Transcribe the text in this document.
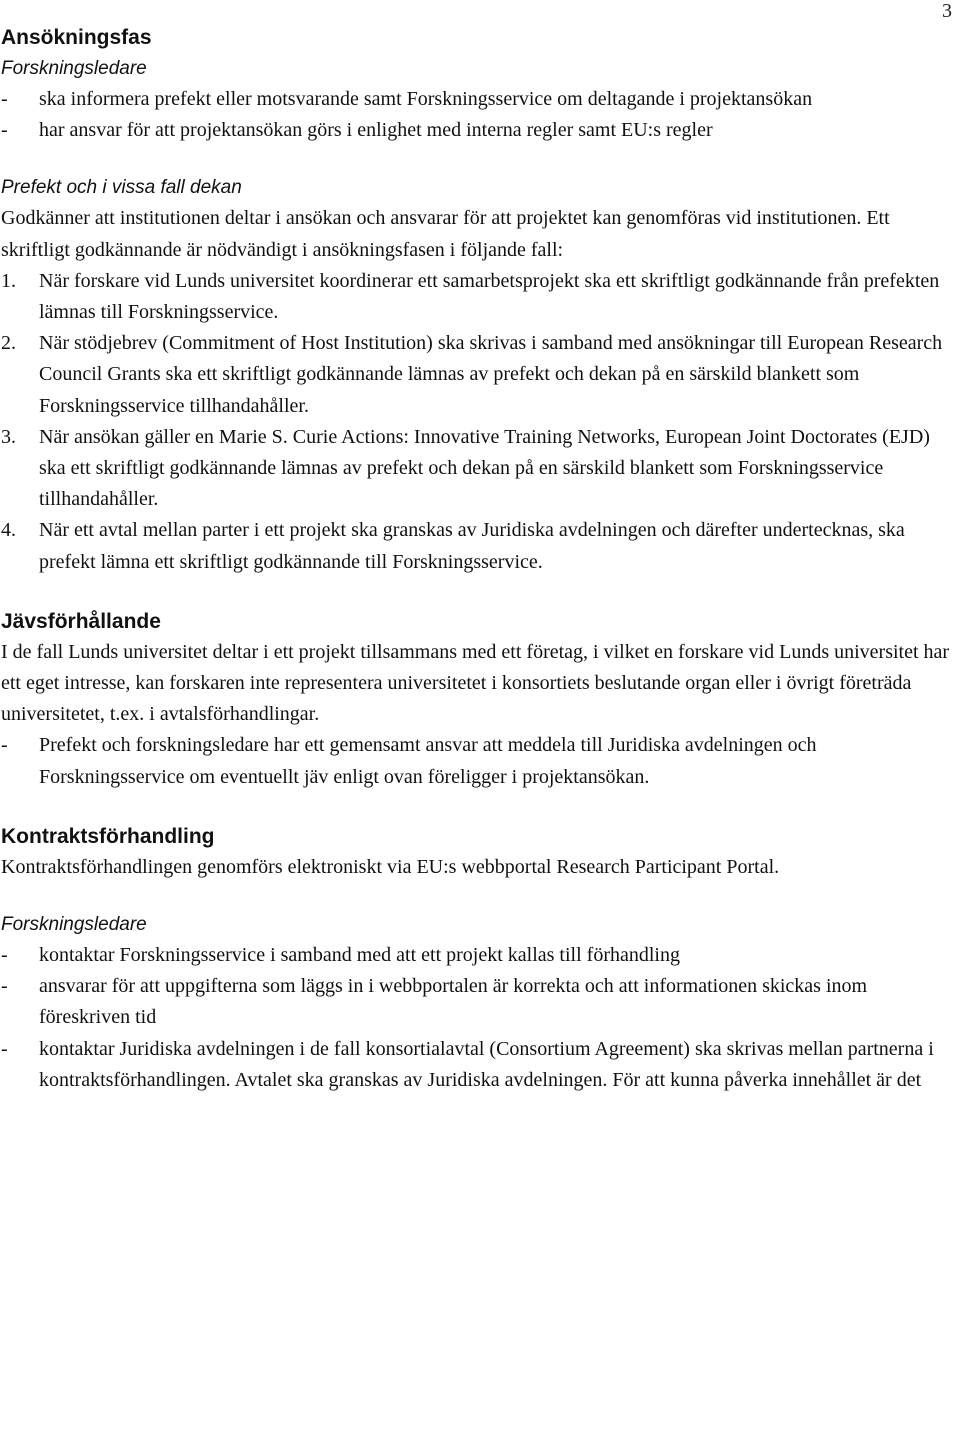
3
Ansökningsfas
Forskningsledare
-	ska informera prefekt eller motsvarande samt Forskningsservice om deltagande i projektansökan
-	har ansvar för att projektansökan görs i enlighet med interna regler samt EU:s regler
Prefekt och i vissa fall dekan

Godkänner att institutionen deltar i ansökan och ansvarar för att projektet kan genomföras vid institutionen. Ett skriftligt godkännande är nödvändigt i ansökningsfasen i följande fall:

1.	När forskare vid Lunds universitet koordinerar ett samarbetsprojekt ska ett skriftligt godkännande från prefekten lämnas till Forskningsservice.
2.	När stödjebrev (Commitment of Host Institution) ska skrivas i samband med ansökningar till European Research Council Grants ska ett skriftligt godkännande lämnas av prefekt och dekan på en särskild blankett som Forskningsservice tillhandahåller.
3.	När ansökan gäller en Marie S. Curie Actions: Innovative Training Networks, European Joint Doctorates (EJD) ska ett skriftligt godkännande lämnas av prefekt och dekan på en särskild blankett som Forskningsservice tillhandahåller.
4.	När ett avtal mellan parter i ett projekt ska granskas av Juridiska avdelningen och därefter undertecknas, ska prefekt lämna ett skriftligt godkännande till Forskningsservice.
Jävsförhållande

I de fall Lunds universitet deltar i ett projekt tillsammans med ett företag, i vilket en forskare vid Lunds universitet har ett eget intresse, kan forskaren inte representera universitetet i konsortiets beslutande organ eller i övrigt företräda universitetet, t.ex. i avtalsförhandlingar.

-	Prefekt och forskningsledare har ett gemensamt ansvar att meddela till Juridiska avdelningen och Forskningsservice om eventuellt jäv enligt ovan föreligger i projektansökan.
Kontraktsförhandling

Kontraktsförhandlingen genomförs elektroniskt via EU:s webbportal Research Participant Portal.

Forskningsledare
-	kontaktar Forskningsservice i samband med att ett projekt kallas till förhandling
-	ansvarar för att uppgifterna som läggs in i webbportalen är korrekta och att informationen skickas inom föreskriven tid
-	kontaktar Juridiska avdelningen i de fall konsortialavtal (Consortium Agreement) ska skrivas mellan partnerna i kontraktsförhandlingen. Avtalet ska granskas av Juridiska avdelningen. För att kunna påverka innehållet är det
